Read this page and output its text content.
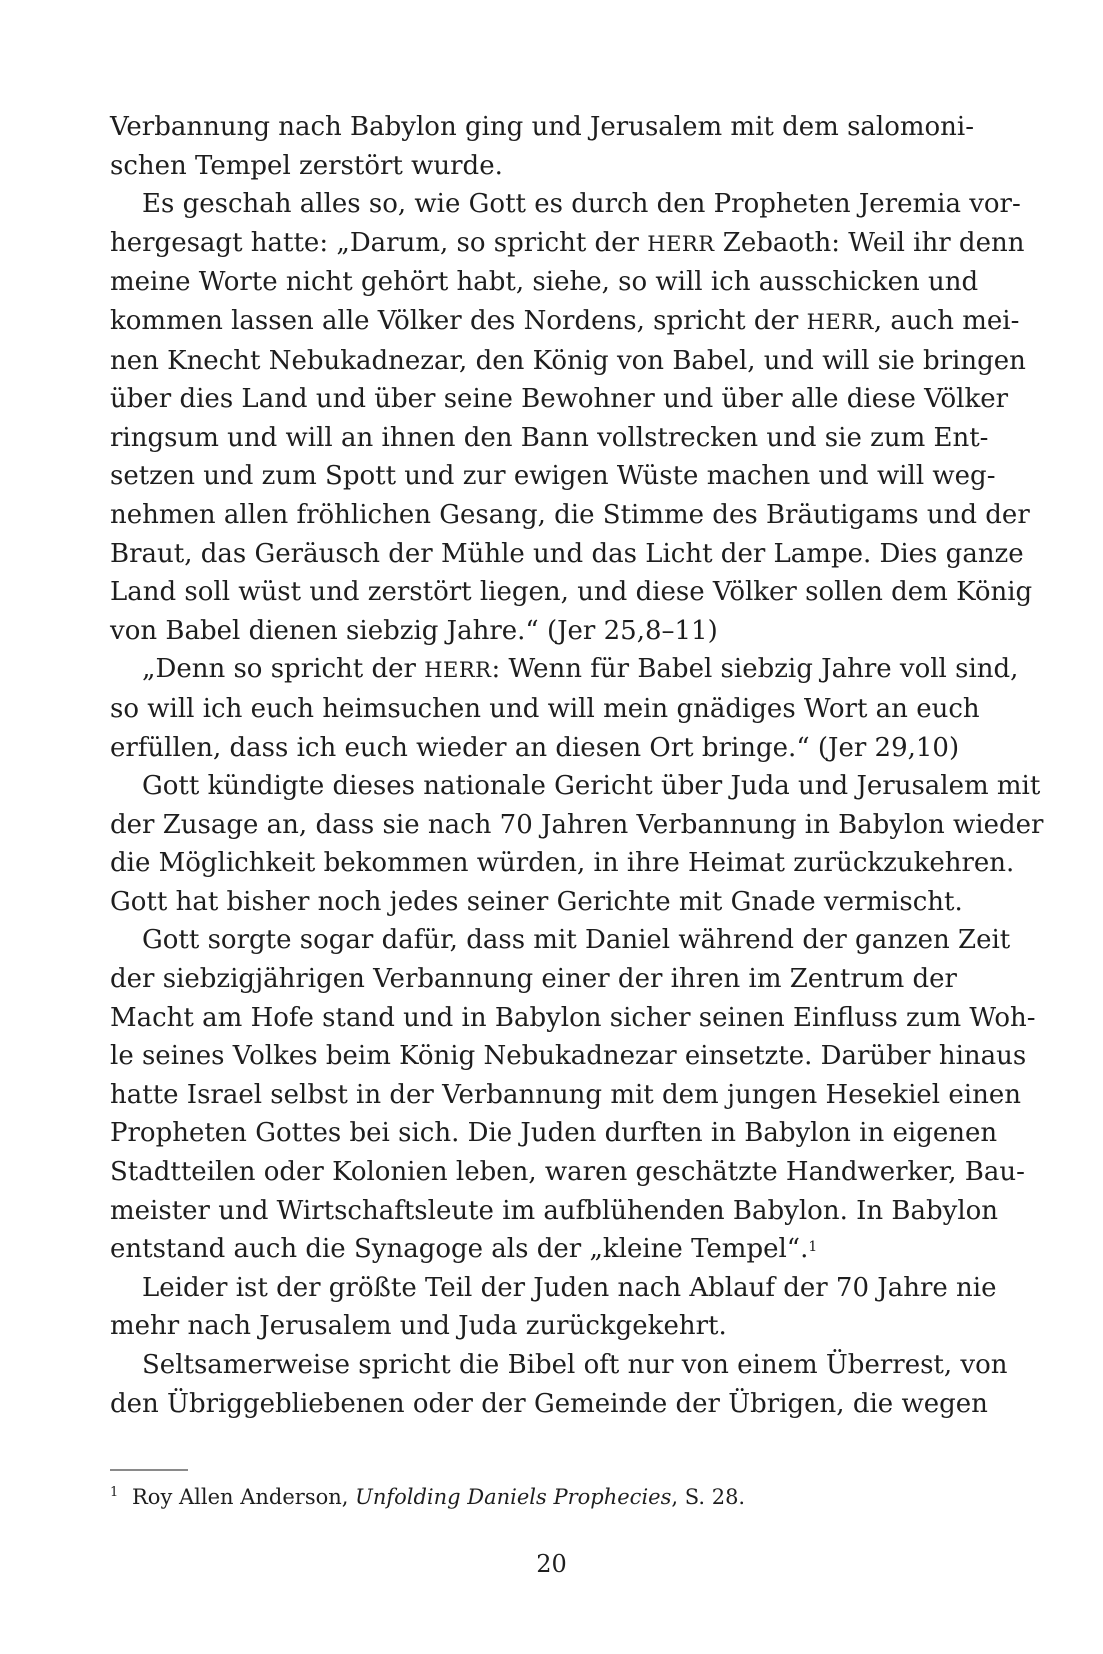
Verbannung nach Babylon ging und Jerusalem mit dem salomoni-

schen Tempel zerstört wurde.

Es geschah alles so, wie Gott es durch den Propheten Jeremia vor-

hergesagt hatte: „Darum, so spricht der HERR Zebaoth: Weil ihr denn

meine Worte nicht gehört habt, siehe, so will ich ausschicken und

kommen lassen alle Völker des Nordens, spricht der HERR, auch mei-

nen Knecht Nebukadnezar, den König von Babel, und will sie bringen

über dies Land und über seine Bewohner und über alle diese Völker

ringsum und will an ihnen den Bann vollstrecken und sie zum Ent-

setzen und zum Spott und zur ewigen Wüste machen und will weg-

nehmen allen fröhlichen Gesang, die Stimme des Bräutigams und der

Braut, das Geräusch der Mühle und das Licht der Lampe. Dies ganze

Land soll wüst und zerstört liegen, und diese Völker sollen dem König

von Babel dienen siebzig Jahre.“ (Jer 25,8–11)

„Denn so spricht der HERR: Wenn für Babel siebzig Jahre voll sind,

so will ich euch heimsuchen und will mein gnädiges Wort an euch

erfüllen, dass ich euch wieder an diesen Ort bringe.“ (Jer 29,10)

Gott kündigte dieses nationale Gericht über Juda und Jerusalem mit

der Zusage an, dass sie nach 70 Jahren Verbannung in Babylon wieder

die Möglichkeit bekommen würden, in ihre Heimat zurückzukehren.

Gott hat bisher noch jedes seiner Gerichte mit Gnade vermischt.

Gott sorgte sogar dafür, dass mit Daniel während der ganzen Zeit

der siebzigjährigen Verbannung einer der ihren im Zentrum der

Macht am Hofe stand und in Babylon sicher seinen Einfluss zum Woh-

le seines Volkes beim König Nebukadnezar einsetzte. Darüber hinaus

hatte Israel selbst in der Verbannung mit dem jungen Hesekiel einen

Propheten Gottes bei sich. Die Juden durften in Babylon in eigenen

Stadtteilen oder Kolonien leben, waren geschätzte Handwerker, Bau-

meister und Wirtschaftsleute im aufblühenden Babylon. In Babylon

entstand auch die Synagoge als der „kleine Tempel“.$^1$

Leider ist der größte Teil der Juden nach Ablauf der 70 Jahre nie

mehr nach Jerusalem und Juda zurückgekehrt.

Seltsamerweise spricht die Bibel oft nur von einem Überrest, von

den Übriggebliebenen oder der Gemeinde der Übrigen, die wegen

1 Roy Allen Anderson, Unfolding Daniels Prophecies, S. 28.
20
